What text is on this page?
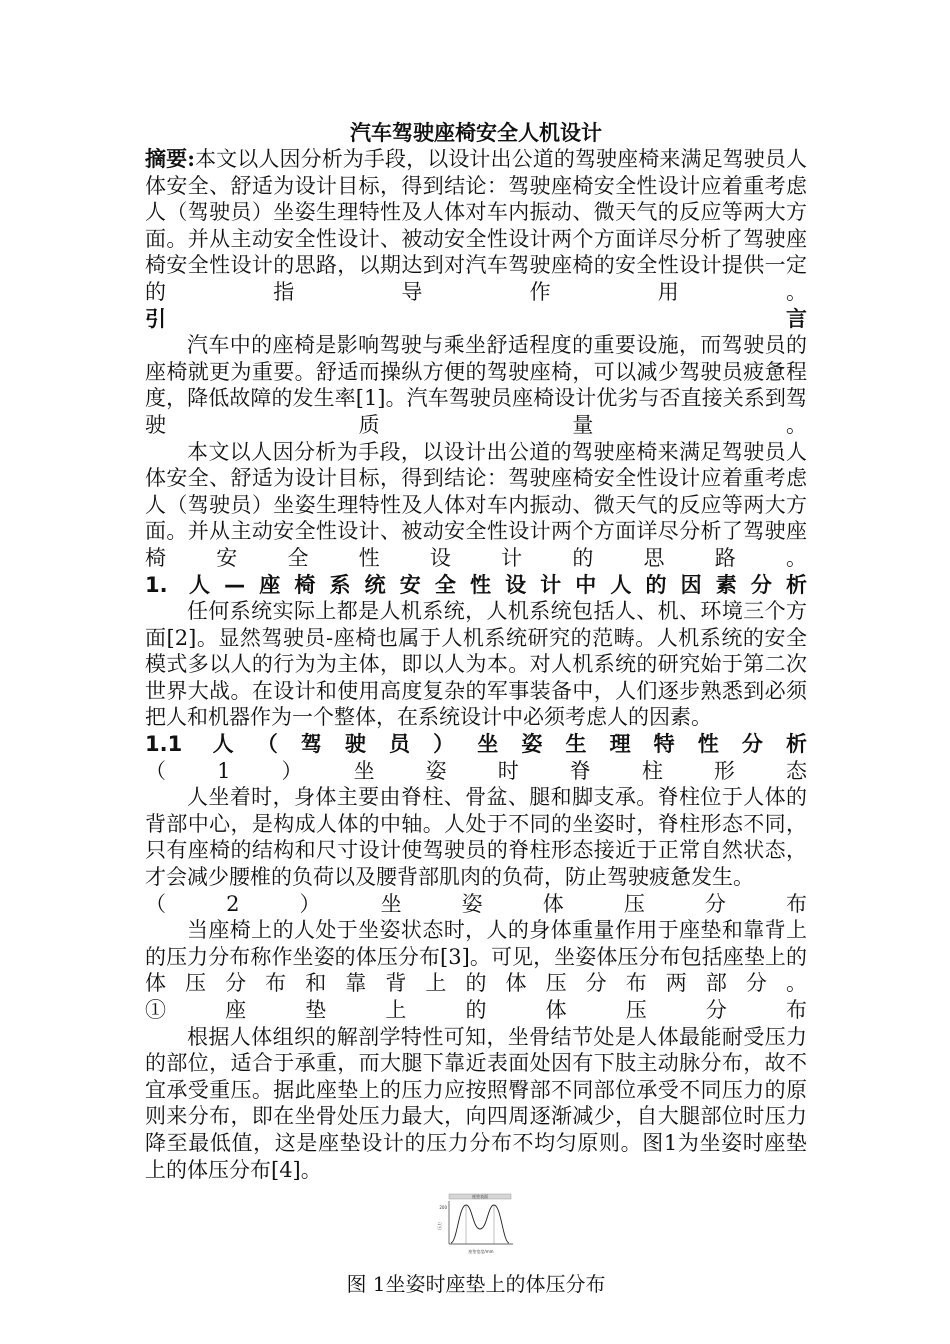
汽车驾驶座椅安全人机设计

摘要:本文以人因分析为手段，以设计出公道的驾驶座椅来满足驾驶员人体安全、舒适为设计目标，得到结论：驾驶座椅安全性设计应着重考虑人（驾驶员）坐姿生理特性及人体对车内振动、微天气的反应等两大方面。并从主动安全性设计、被动安全性设计两个方面详尽分析了驾驶座椅安全性设计的思路，以期达到对汽车驾驶座椅的安全性设计提供一定的指导作用。

引言

汽车中的座椅是影响驾驶与乘坐舒适程度的重要设施，而驾驶员的座椅就更为重要。舒适而操纵方便的驾驶座椅，可以减少驾驶员疲惫程度，降低故障的发生率[1]。汽车驾驶员座椅设计优劣与否直接关系到驾驶质量。

本文以人因分析为手段，以设计出公道的驾驶座椅来满足驾驶员人体安全、舒适为设计目标，得到结论：驾驶座椅安全性设计应着重考虑人（驾驶员）坐姿生理特性及人体对车内振动、微天气的反应等两大方面。并从主动安全性设计、被动安全性设计两个方面详尽分析了驾驶座椅安全性设计的思路。

1. 人—座椅系统安全性设计中人的因素分析

任何系统实际上都是人机系统，人机系统包括人、机、环境三个方面[2]。显然驾驶员-座椅也属于人机系统研究的范畴。人机系统的安全模式多以人的行为为主体，即以人为本。对人机系统的研究始于第二次世界大战。在设计和使用高度复杂的军事装备中，人们逐步熟悉到必须把人和机器作为一个整体，在系统设计中必须考虑人的因素。

1.1 人（驾驶员）坐姿生理特性分析

（1）坐姿时脊柱形态

人坐着时，身体主要由脊柱、骨盆、腿和脚支承。脊柱位于人体的背部中心，是构成人体的中轴。人处于不同的坐姿时，脊柱形态不同，只有座椅的结构和尺寸设计使驾驶员的脊柱形态接近于正常自然状态，才会减少腰椎的负荷以及腰背部肌肉的负荷，防止驾驶疲惫发生。

（2）坐姿体压分布

当座椅上的人处于坐姿状态时，人的身体重量作用于座垫和靠背上的压力分布称作坐姿的体压分布[3]。可见，坐姿体压分布包括座垫上的体压分布和靠背上的体压分布两部分。

①座垫上的体压分布

根据人体组织的解剖学特性可知，坐骨结节处是人体最能耐受压力的部位，适合于承重，而大腿下靠近表面处因有下肢主动脉分布，故不宜承受重压。据此座垫上的压力应按照臀部不同部位承受不同压力的原则来分布，即在坐骨处压力最大，向四周逐渐减少，自大腿部位时压力降至最低值，这是座垫设计的压力分布不均匀原则。图1为坐姿时座垫上的体压分布[4]。

座垫表面
200
压力
座垫宽度/mm
图 1坐姿时座垫上的体压分布
